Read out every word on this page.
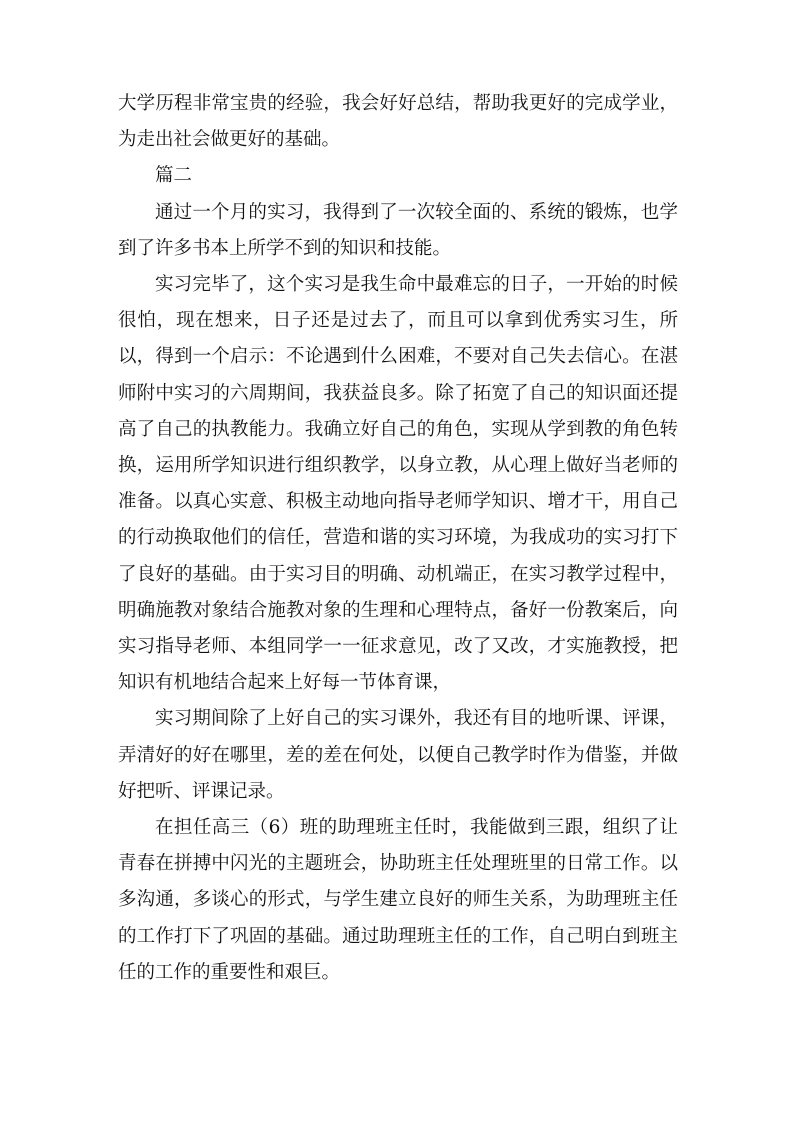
大学历程非常宝贵的经验，我会好好总结，帮助我更好的完成学业，为走出社会做更好的基础。

篇二

通过一个月的实习，我得到了一次较全面的、系统的锻炼，也学到了许多书本上所学不到的知识和技能。

实习完毕了，这个实习是我生命中最难忘的日子，一开始的时候很怕，现在想来，日子还是过去了，而且可以拿到优秀实习生，所以，得到一个启示：不论遇到什么困难，不要对自己失去信心。在湛师附中实习的六周期间，我获益良多。除了拓宽了自己的知识面还提高了自己的执教能力。我确立好自己的角色，实现从学到教的角色转换，运用所学知识进行组织教学，以身立教，从心理上做好当老师的准备。以真心实意、积极主动地向指导老师学知识、增才干，用自己的行动换取他们的信任，营造和谐的实习环境，为我成功的实习打下了良好的基础。由于实习目的明确、动机端正，在实习教学过程中，明确施教对象结合施教对象的生理和心理特点，备好一份教案后，向实习指导老师、本组同学一一征求意见，改了又改，才实施教授，把知识有机地结合起来上好每一节体育课，

实习期间除了上好自己的实习课外，我还有目的地听课、评课，弄清好的好在哪里，差的差在何处，以便自己教学时作为借鉴，并做好把听、评课记录。

在担任高三（6）班的助理班主任时，我能做到三跟，组织了让青春在拼搏中闪光的主题班会，协助班主任处理班里的日常工作。以多沟通，多谈心的形式，与学生建立良好的师生关系，为助理班主任的工作打下了巩固的基础。通过助理班主任的工作，自己明白到班主任的工作的重要性和艰巨。
